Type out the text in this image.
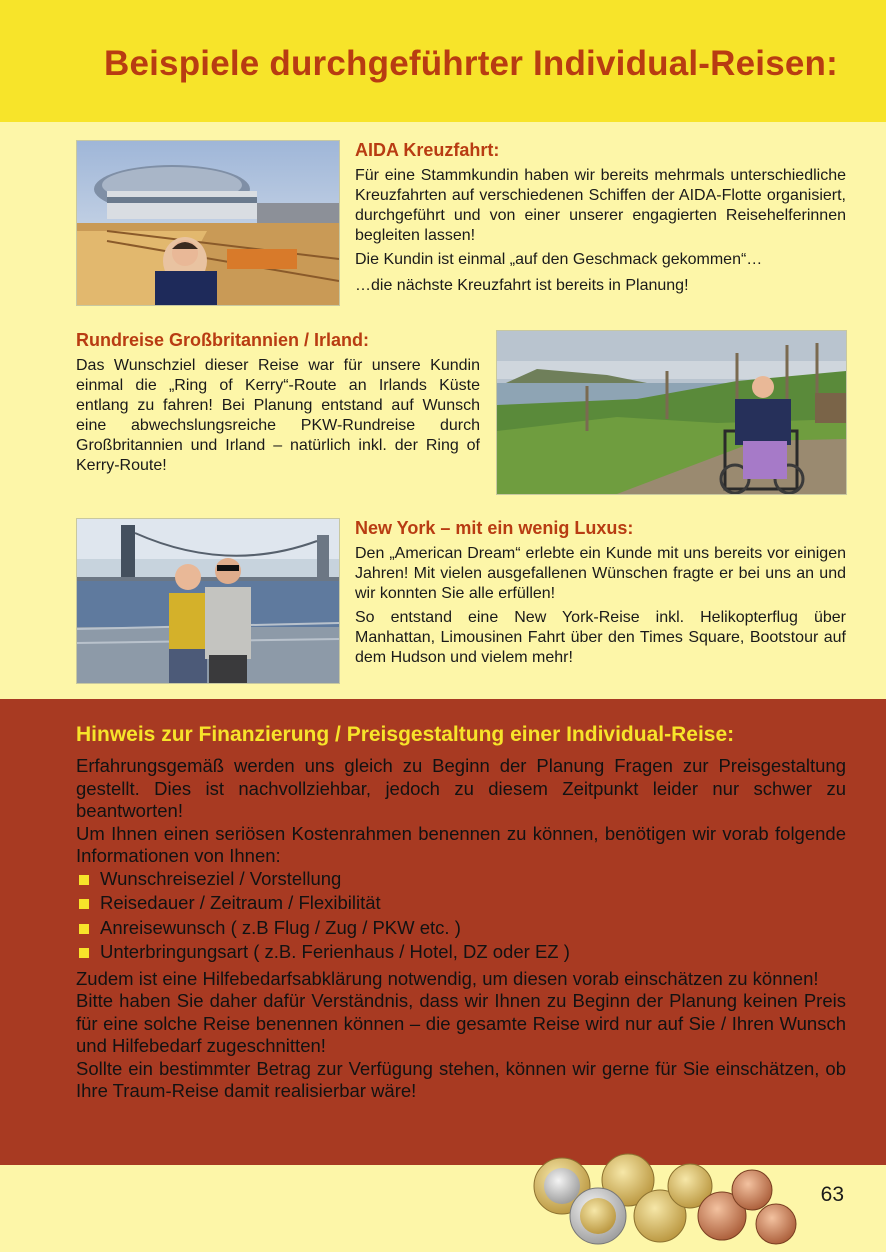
Beispiele durchgeführter Individual-Reisen:
AIDA Kreuzfahrt:

Für eine Stammkundin haben wir bereits mehrmals unterschiedliche Kreuzfahrten auf verschiedenen Schiffen der AIDA-Flotte organisiert, durchgeführt und von einer unserer engagierten Reisehelferinnen begleiten lassen!

Die Kundin ist einmal „auf den Geschmack gekommen“…

…die nächste Kreuzfahrt ist bereits in Planung!

Rundreise Großbritannien / Irland:

Das Wunschziel dieser Reise war für unsere Kundin einmal die „Ring of Kerry“-Route an Irlands Küste entlang zu fahren! Bei Planung entstand auf Wunsch eine abwechslungsreiche PKW-Rundreise durch Großbritannien und Irland – natürlich inkl. der Ring of Kerry-Route!

New York – mit ein wenig Luxus:

Den „American Dream“ erlebte ein Kunde mit uns bereits vor einigen Jahren! Mit vielen ausgefallenen Wünschen fragte er bei uns an und wir konnten Sie alle erfüllen!

So entstand eine New York-Reise inkl. Helikopterflug über Manhattan, Limousinen Fahrt über den Times Square, Bootstour auf dem Hudson und vielem mehr!

Hinweis zur Finanzierung / Preisgestaltung einer Individual-Reise:

Erfahrungsgemäß werden uns gleich zu Beginn der Planung Fragen zur Preisgestaltung gestellt. Dies ist nachvollziehbar, jedoch zu diesem Zeitpunkt leider nur schwer zu beantworten!

Um Ihnen einen seriösen Kostenrahmen benennen zu können, benötigen wir vorab folgende Informationen von Ihnen:

Wunschreiseziel / Vorstellung
Reisedauer / Zeitraum / Flexibilität
Anreisewunsch ( z.B Flug / Zug / PKW etc. )
Unterbringungsart ( z.B. Ferienhaus / Hotel, DZ oder EZ )

Zudem ist eine Hilfebedarfsabklärung notwendig, um diesen vorab einschätzen zu können!

Bitte haben Sie daher dafür Verständnis, dass wir Ihnen zu Beginn der Planung keinen Preis für eine solche Reise benennen können – die gesamte Reise wird nur auf Sie / Ihren Wunsch und Hilfebedarf zugeschnitten!

Sollte ein bestimmter Betrag zur Verfügung stehen, können wir gerne für Sie einschätzen, ob Ihre Traum-Reise damit realisierbar wäre!

63
